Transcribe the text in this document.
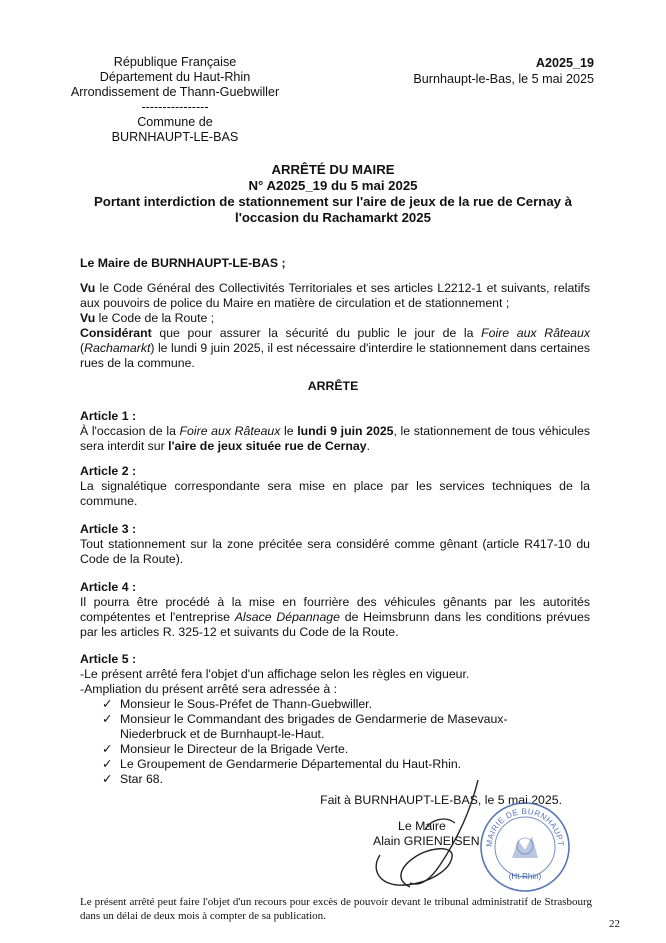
République Française
Département du Haut-Rhin
Arrondissement de Thann-Guebwiller
----------------
Commune de
BURNHAUPT-LE-BAS
A2025_19
Burnhaupt-le-Bas, le 5 mai 2025
ARRÊTÉ DU MAIRE
N° A2025_19 du 5 mai 2025
Portant interdiction de stationnement sur l'aire de jeux de la rue de Cernay à
l'occasion du Rachamarkt 2025
Le Maire de BURNHAUPT-LE-BAS ;
Vu le Code Général des Collectivités Territoriales et ses articles L2212-1 et suivants, relatifs aux pouvoirs de police du Maire en matière de circulation et de stationnement ;
Vu le Code de la Route ;
Considérant que pour assurer la sécurité du public le jour de la Foire aux Râteaux (Rachamarkt) le lundi 9 juin 2025, il est nécessaire d'interdire le stationnement dans certaines rues de la commune.
ARRÊTE
Article 1 :
À l'occasion de la Foire aux Râteaux le lundi 9 juin 2025, le stationnement de tous véhicules sera interdit sur l'aire de jeux située rue de Cernay.
Article 2 :
La signalétique correspondante sera mise en place par les services techniques de la commune.
Article 3 :
Tout stationnement sur la zone précitée sera considéré comme gênant (article R417-10 du Code de la Route).
Article 4 :
Il pourra être procédé à la mise en fourrière des véhicules gênants par les autorités compétentes et l'entreprise Alsace Dépannage de Heimsbrunn dans les conditions prévues par les articles R. 325-12 et suivants du Code de la Route.
Article 5 :
-Le présent arrêté fera l'objet d'un affichage selon les règles en vigueur.
-Ampliation du présent arrêté sera adressée à :
✓ Monsieur le Sous-Préfet de Thann-Guebwiller.
✓ Monsieur le Commandant des brigades de Gendarmerie de Masevaux-Niederbruck et de Burnhaupt-le-Haut.
✓ Monsieur le Directeur de la Brigade Verte.
✓ Le Groupement de Gendarmerie Départemental du Haut-Rhin.
✓ Star 68.
Fait à BURNHAUPT-LE-BAS, le 5 mai 2025.
Le Maire
Alain GRIENEISEN MAIRIE DE BURNHAUPT
(Ht-Rhin)
Le présent arrêté peut faire l'objet d'un recours pour excès de pouvoir devant le tribunal administratif de Strasbourg dans un délai de deux mois à compter de sa publication.
22
